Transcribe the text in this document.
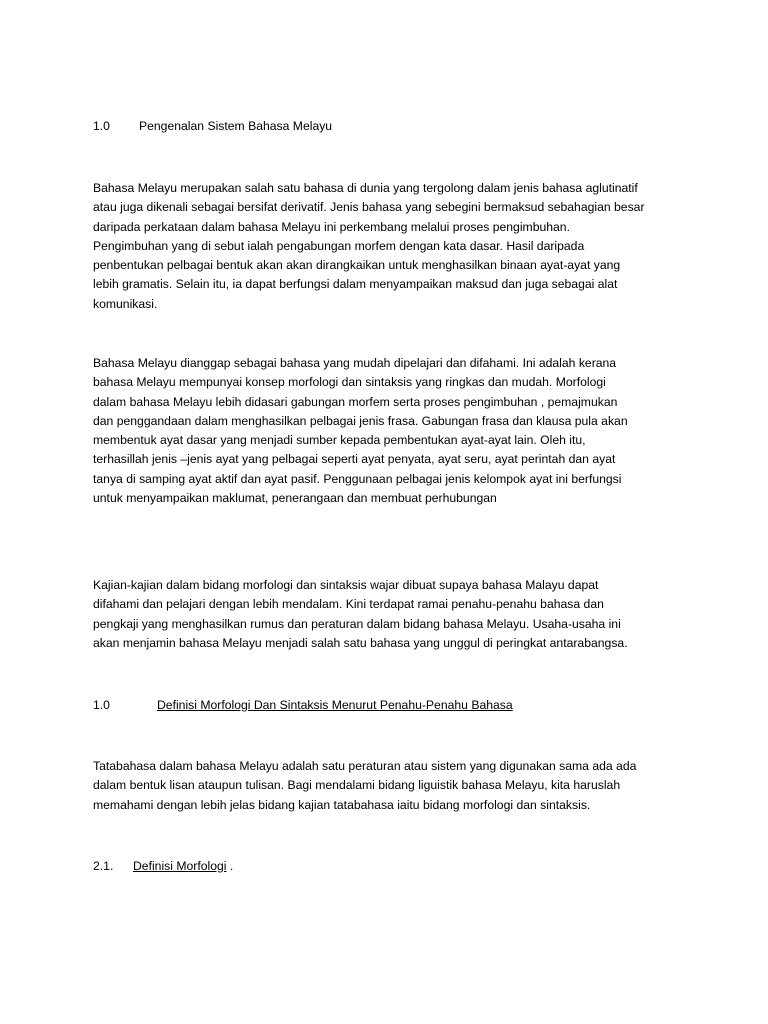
1.0 Pengenalan Sistem Bahasa Melayu
Bahasa Melayu merupakan salah satu bahasa di dunia yang tergolong dalam jenis bahasa aglutinatif
atau juga dikenali sebagai bersifat derivatif. Jenis bahasa yang sebegini bermaksud sebahagian besar
daripada perkataan dalam bahasa Melayu ini perkembang melalui proses pengimbuhan.
Pengimbuhan yang di sebut ialah pengabungan morfem dengan kata dasar. Hasil daripada
penbentukan pelbagai bentuk akan akan dirangkaikan untuk menghasilkan binaan ayat-ayat yang
lebih gramatis. Selain itu, ia dapat berfungsi dalam menyampaikan maksud dan juga sebagai alat
komunikasi.
Bahasa Melayu dianggap sebagai bahasa yang mudah dipelajari dan difahami. Ini adalah kerana
bahasa Melayu mempunyai konsep morfologi dan sintaksis yang ringkas dan mudah. Morfologi
dalam bahasa Melayu lebih didasari gabungan morfem serta proses pengimbuhan , pemajmukan
dan penggandaan dalam menghasilkan pelbagai jenis frasa. Gabungan frasa dan klausa pula akan
membentuk ayat dasar yang menjadi sumber kepada pembentukan ayat-ayat lain. Oleh itu,
terhasillah jenis –jenis ayat yang pelbagai seperti ayat penyata, ayat seru, ayat perintah dan ayat
tanya di samping ayat aktif dan ayat pasif. Penggunaan pelbagai jenis kelompok ayat ini berfungsi
untuk menyampaikan maklumat, penerangaan dan membuat perhubungan
Kajian-kajian dalam bidang morfologi dan sintaksis wajar dibuat supaya bahasa Malayu dapat
difahami dan pelajari dengan lebih mendalam. Kini terdapat ramai penahu-penahu bahasa dan
pengkaji yang menghasilkan rumus dan peraturan dalam bidang bahasa Melayu. Usaha-usaha ini
akan menjamin bahasa Melayu menjadi salah satu bahasa yang unggul di peringkat antarabangsa.
1.0	Definisi Morfologi Dan Sintaksis Menurut Penahu-Penahu Bahasa
Tatabahasa dalam bahasa Melayu adalah satu peraturan atau sistem yang digunakan sama ada ada
dalam bentuk lisan ataupun tulisan. Bagi mendalami bidang liguistik bahasa Melayu, kita haruslah
memahami dengan lebih jelas bidang kajian tatabahasa iaitu bidang morfologi dan sintaksis.
2.1. Definisi Morfologi .
